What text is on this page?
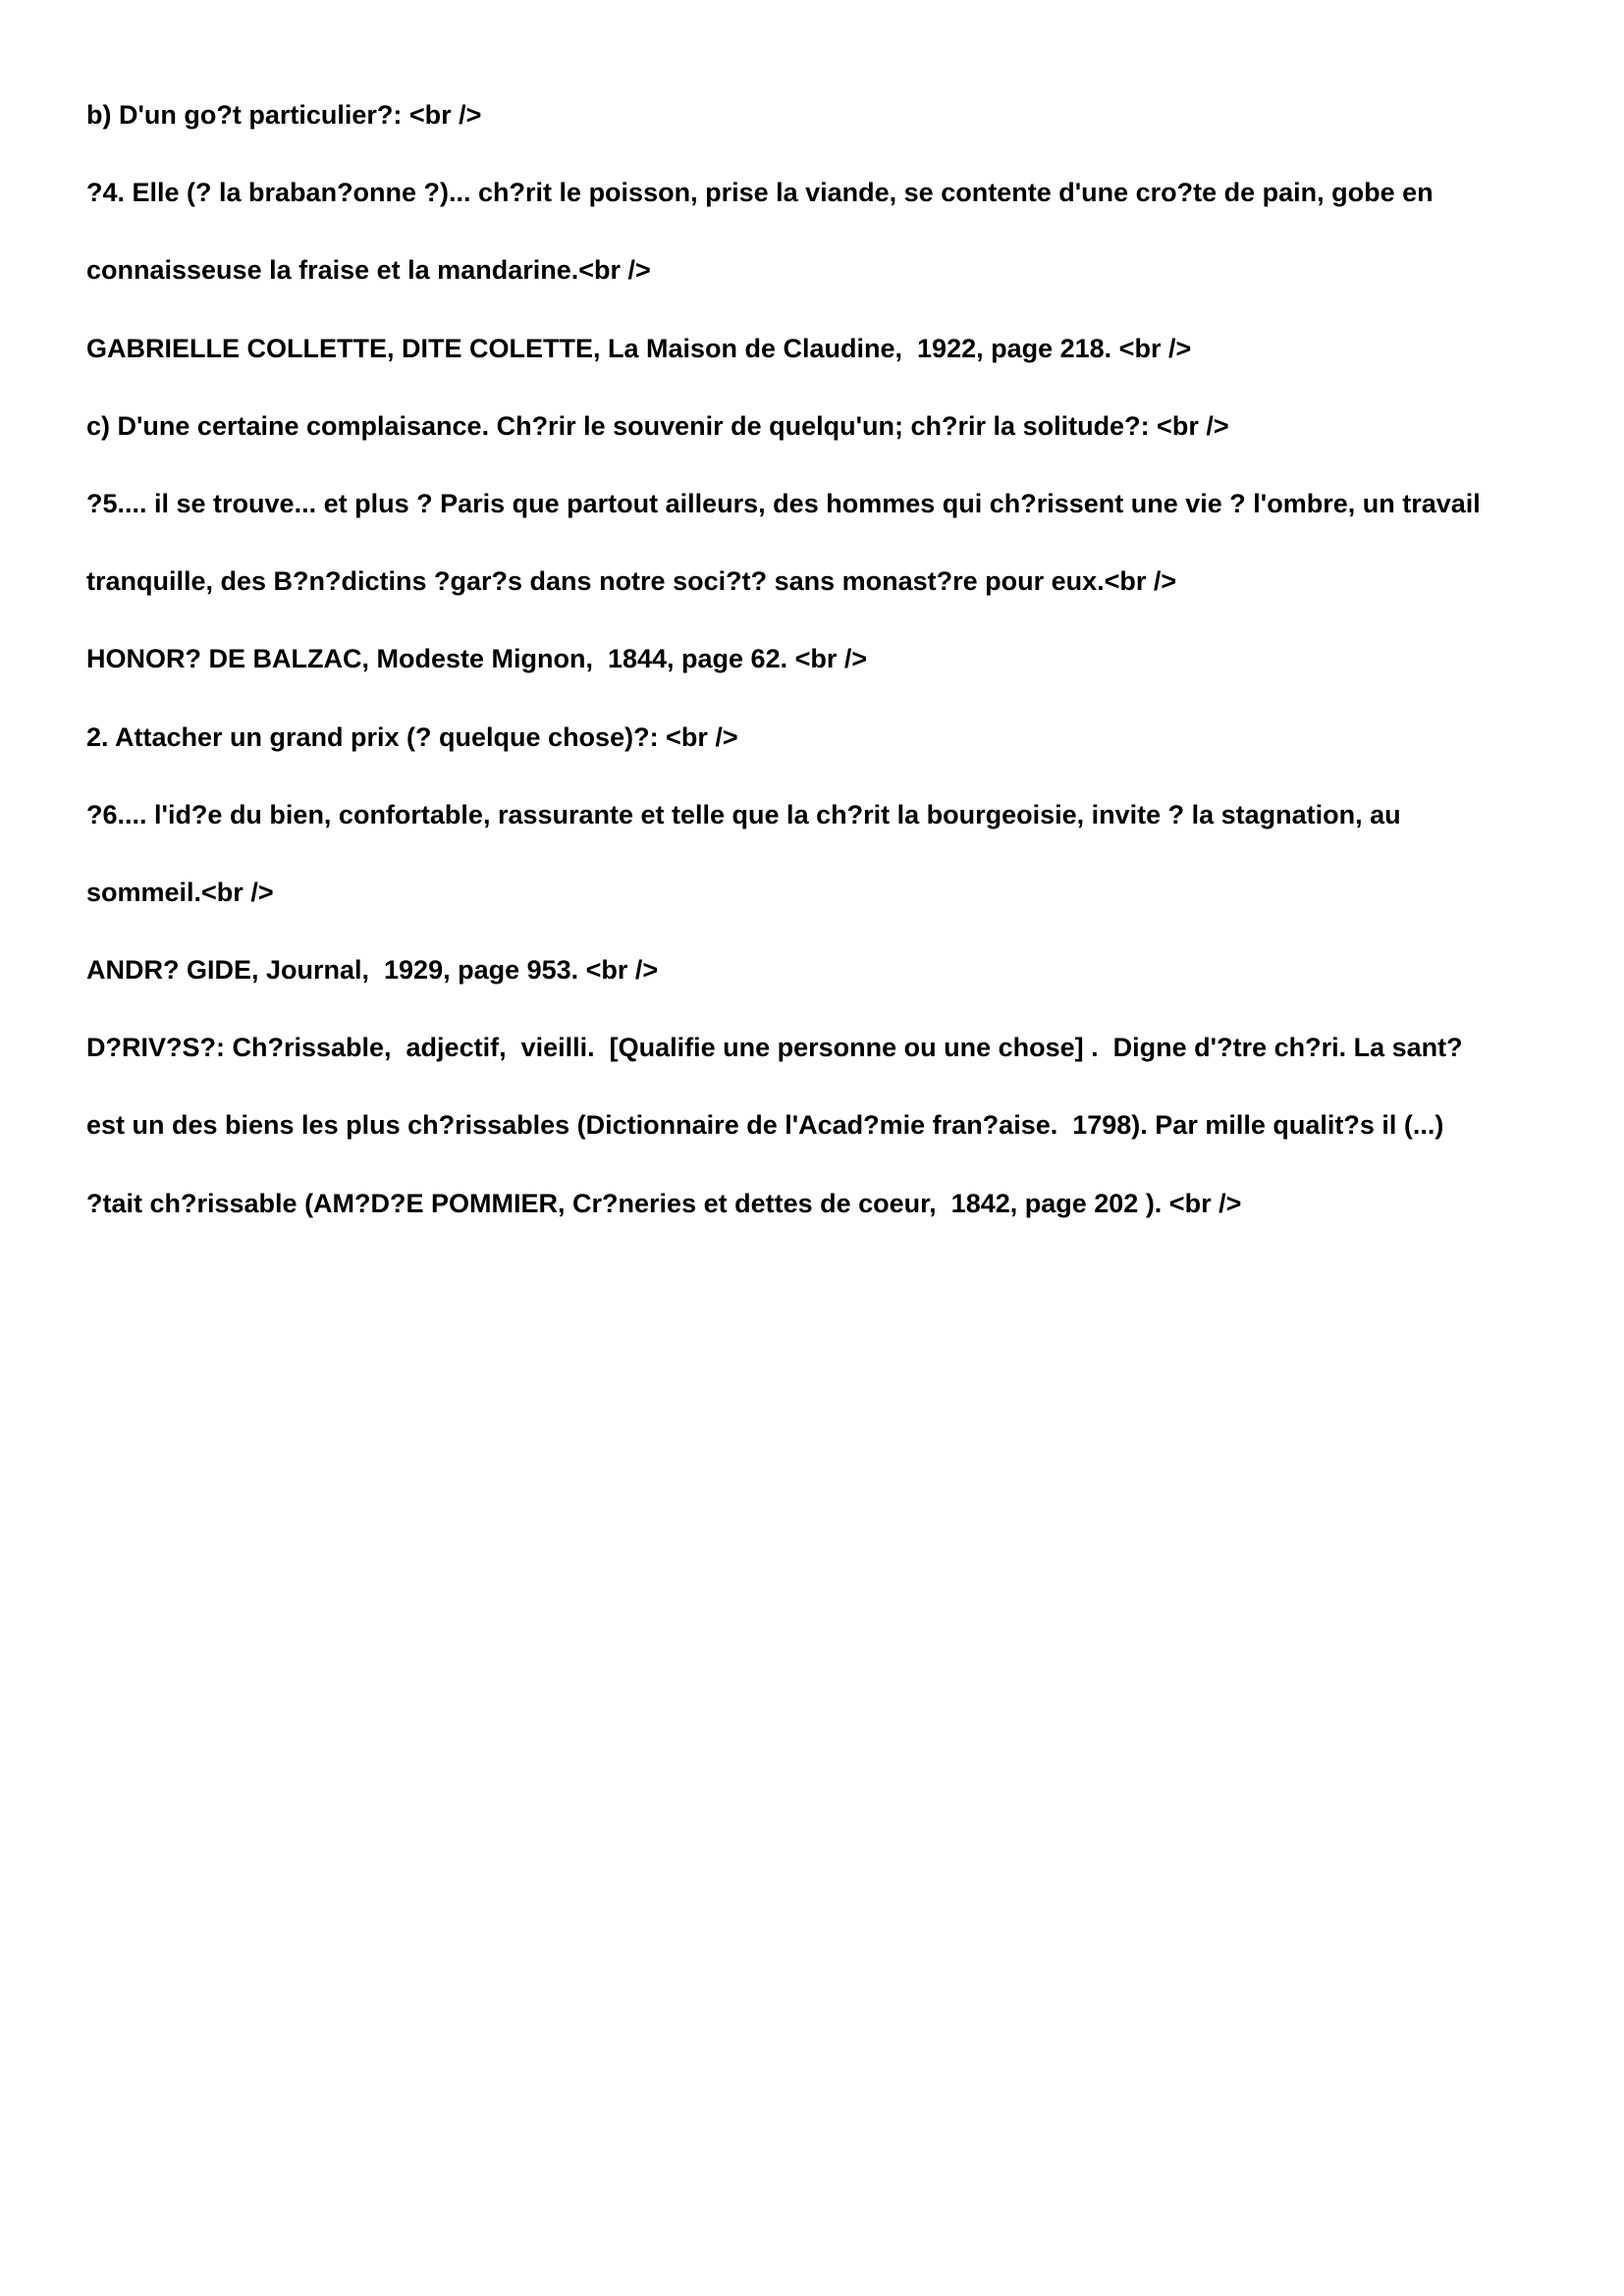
b) D'un go?t particulier?: <br />
?4. Elle (? la braban?onne ?)... ch?rit le poisson, prise la viande, se contente d'une cro?te de pain, gobe en
connaisseuse la fraise et la mandarine.<br />
GABRIELLE COLLETTE, DITE COLETTE, La Maison de Claudine,  1922, page 218. <br />
c) D'une certaine complaisance. Ch?rir le souvenir de quelqu'un; ch?rir la solitude?: <br />
?5.... il se trouve... et plus ? Paris que partout ailleurs, des hommes qui ch?rissent une vie ? l'ombre, un travail
tranquille, des B?n?dictins ?gar?s dans notre soci?t? sans monast?re pour eux.<br />
HONOR? DE BALZAC, Modeste Mignon,  1844, page 62. <br />
2. Attacher un grand prix (? quelque chose)?: <br />
?6.... l'id?e du bien, confortable, rassurante et telle que la ch?rit la bourgeoisie, invite ? la stagnation, au
sommeil.<br />
ANDR? GIDE, Journal,  1929, page 953. <br />
D?RIV?S?: Ch?rissable,  adjectif,  vieilli.  [Qualifie une personne ou une chose] .  Digne d'?tre ch?ri. La sant?
est un des biens les plus ch?rissables (Dictionnaire de l'Acad?mie fran?aise.  1798). Par mille qualit?s il (...)
?tait ch?rissable (AM?D?E POMMIER, Cr?neries et dettes de coeur,  1842, page 202 ). <br />
